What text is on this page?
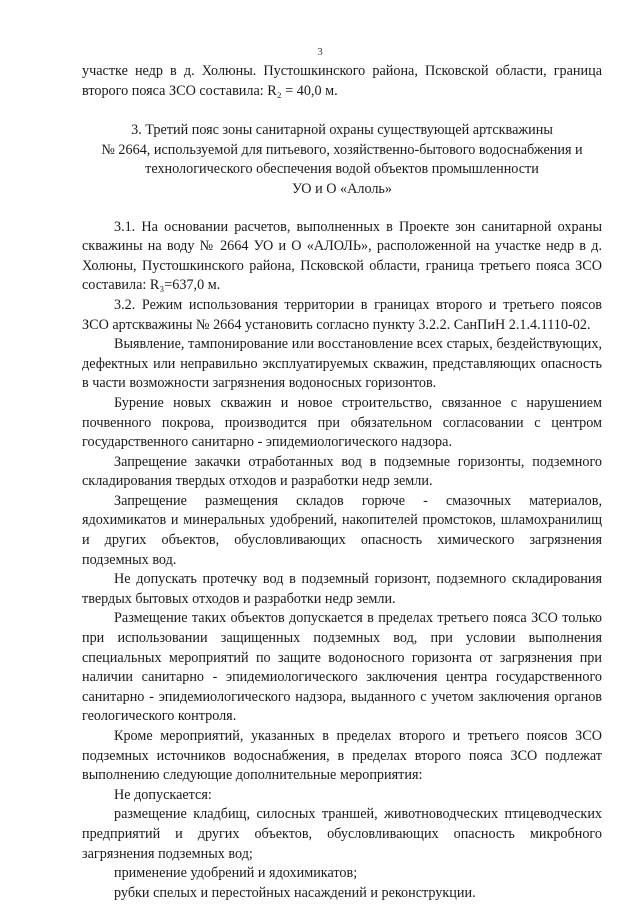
3

участке недр в д. Холюны. Пустошкинского района, Псковской области, граница второго пояса ЗСО составила: R₂ = 40,0 м.

3. Третий пояс зоны санитарной охраны существующей артскважины

№ 2664, используемой для питьевого, хозяйственно-бытового водоснабжения и

технологического обеспечения водой объектов промышленности

УО и О «Алоль»

3.1. На основании расчетов, выполненных в Проекте зон санитарной охраны скважины на воду № 2664 УО и О «АЛОЛЬ», расположенной на участке недр в д. Холюны, Пустошкинского района, Псковской области, граница третьего пояса ЗСО составила: R₃=637,0 м.

3.2. Режим использования территории в границах второго и третьего поясов ЗСО артскважины № 2664 установить согласно пункту 3.2.2. СанПиН 2.1.4.1110-02.

Выявление, тампонирование или восстановление всех старых, бездействующих, дефектных или неправильно эксплуатируемых скважин, представляющих опасность в части возможности загрязнения водоносных горизонтов.

Бурение новых скважин и новое строительство, связанное с нарушением почвенного покрова, производится при обязательном согласовании с центром государственного санитарно - эпидемиологического надзора.

Запрещение закачки отработанных вод в подземные горизонты, подземного складирования твердых отходов и разработки недр земли.

Запрещение размещения складов горюче - смазочных материалов, ядохимикатов и минеральных удобрений, накопителей промстоков, шламохранилищ и других объектов, обусловливающих опасность химического загрязнения подземных вод.

Не допускать протечку вод в подземный горизонт, подземного складирования твердых бытовых отходов и разработки недр земли.

Размещение таких объектов допускается в пределах третьего пояса ЗСО только при использовании защищенных подземных вод, при условии выполнения специальных мероприятий по защите водоносного горизонта от загрязнения при наличии санитарно - эпидемиологического заключения центра государственного санитарно - эпидемиологического надзора, выданного с учетом заключения органов геологического контроля.

Кроме мероприятий, указанных в пределах второго и третьего поясов ЗСО подземных источников водоснабжения, в пределах второго пояса ЗСО подлежат выполнению следующие дополнительные мероприятия:

Не допускается:

размещение кладбищ, силосных траншей, животноводческих птицеводческих предприятий и других объектов, обусловливающих опасность микробного загрязнения подземных вод;

применение удобрений и ядохимикатов;

рубки спелых и перестойных насаждений и реконструкции.
